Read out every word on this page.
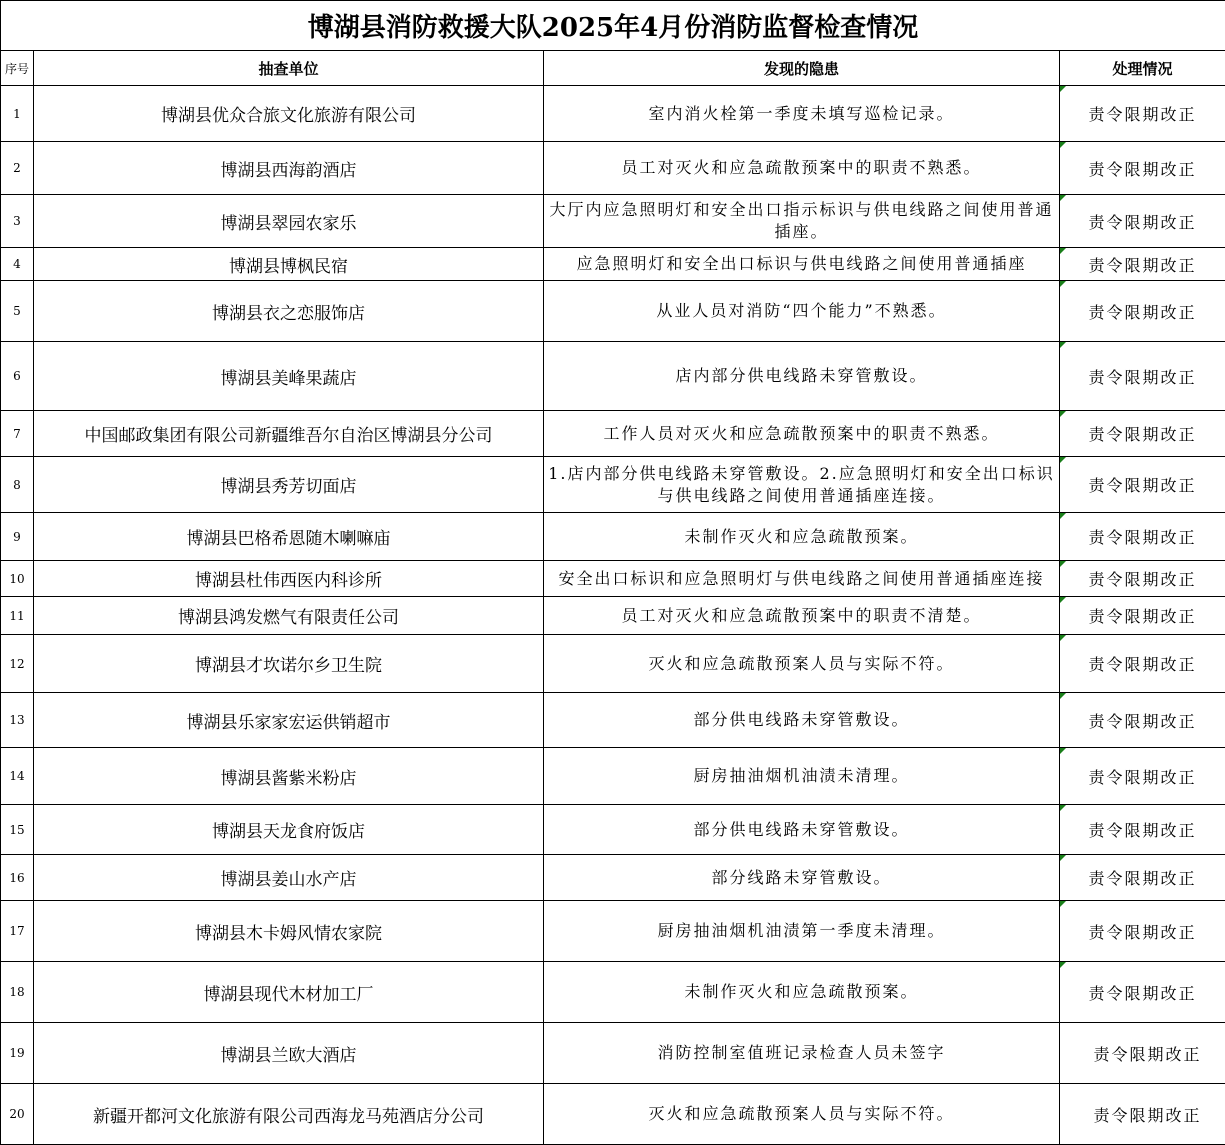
博湖县消防救援大队2025年4月份消防监督检查情况			
序号	抽查单位	发现的隐患	处理情况
1	博湖县优众合旅文化旅游有限公司	室内消火栓第一季度未填写巡检记录。	责令限期改正
2	博湖县西海韵酒店	员工对灭火和应急疏散预案中的职责不熟悉。	责令限期改正
3	博湖县翠园农家乐	大厅内应急照明灯和安全出口指示标识与供电线路之间使用普通插座。	责令限期改正
4	博湖县博枫民宿	应急照明灯和安全出口标识与供电线路之间使用普通插座	责令限期改正
5	博湖县衣之恋服饰店	从业人员对消防“四个能力”不熟悉。	责令限期改正
6	博湖县美峰果蔬店	店内部分供电线路未穿管敷设。	责令限期改正
7	中国邮政集团有限公司新疆维吾尔自治区博湖县分公司	工作人员对灭火和应急疏散预案中的职责不熟悉。	责令限期改正
8	博湖县秀芳切面店	1.店内部分供电线路未穿管敷设。2.应急照明灯和安全出口标识与供电线路之间使用普通插座连接。	责令限期改正
9	博湖县巴格希恩随木喇嘛庙	未制作灭火和应急疏散预案。	责令限期改正
10	博湖县杜伟西医内科诊所	安全出口标识和应急照明灯与供电线路之间使用普通插座连接	责令限期改正
11	博湖县鸿发燃气有限责任公司	员工对灭火和应急疏散预案中的职责不清楚。	责令限期改正
12	博湖县才坎诺尔乡卫生院	灭火和应急疏散预案人员与实际不符。	责令限期改正
13	博湖县乐家家宏运供销超市	部分供电线路未穿管敷设。	责令限期改正
14	博湖县酱紫米粉店	厨房抽油烟机油渍未清理。	责令限期改正
15	博湖县天龙食府饭店	部分供电线路未穿管敷设。	责令限期改正
16	博湖县姜山水产店	部分线路未穿管敷设。	责令限期改正
17	博湖县木卡姆风情农家院	厨房抽油烟机油渍第一季度未清理。	责令限期改正
18	博湖县现代木材加工厂	未制作灭火和应急疏散预案。	责令限期改正
19	博湖县兰欧大酒店	消防控制室值班记录检查人员未签字	责令限期改正
20	新疆开都河文化旅游有限公司西海龙马苑酒店分公司	灭火和应急疏散预案人员与实际不符。	责令限期改正
